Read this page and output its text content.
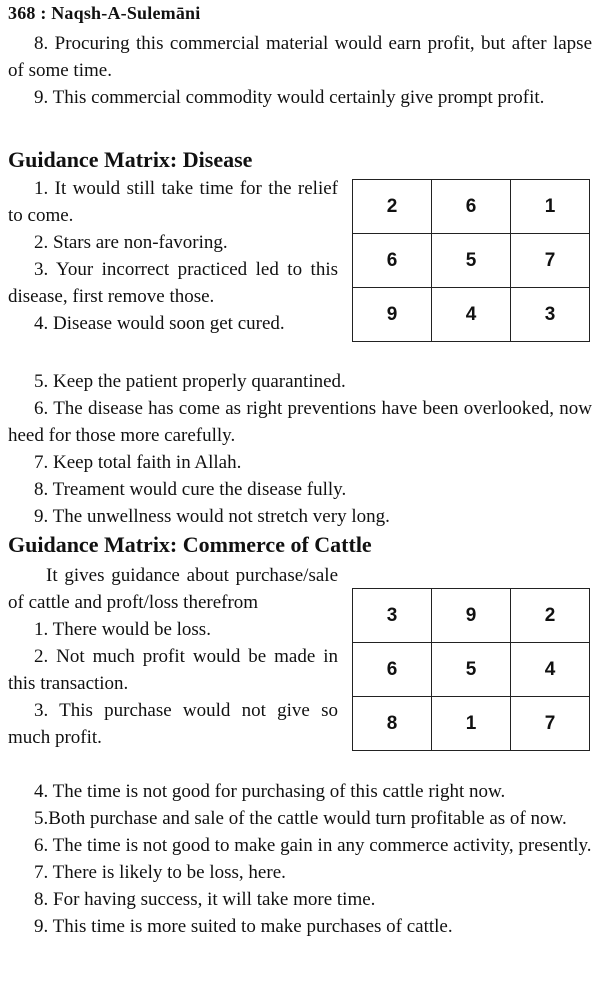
368 : Naqsh-A-Sulemāni

8. Procuring this commercial material would earn profit, but after lapse of some time.

9. This commercial commodity would certainly give prompt profit.

Guidance Matrix: Disease

1. It would still take time for the relief to come.

2. Stars are non-favoring.

3. Your incorrect practiced led to this disease, first remove those.

4. Disease would soon get cured.

2	6	1
6	5	7
9	4	3

5. Keep the patient properly quarantined.

6. The disease has come as right preventions have been overlooked, now heed for those more carefully.

7. Keep total faith in Allah.

8. Treament would cure the disease fully.

9. The unwellness would not stretch very long.

Guidance Matrix: Commerce of Cattle

It gives guidance about purchase/sale of cattle and proft/loss therefrom

1. There would be loss.

2. Not much profit would be made in this transaction.

3. This purchase would not give so much profit.

3	9	2
6	5	4
8	1	7

4. The time is not good for purchasing of this cattle right now.

5.Both purchase and sale of the cattle would turn profitable as of now.

6. The time is not good to make gain in any commerce activity, presently.

7. There is likely to be loss, here.

8. For having success, it will take more time.

9. This time is more suited to make purchases of cattle.
